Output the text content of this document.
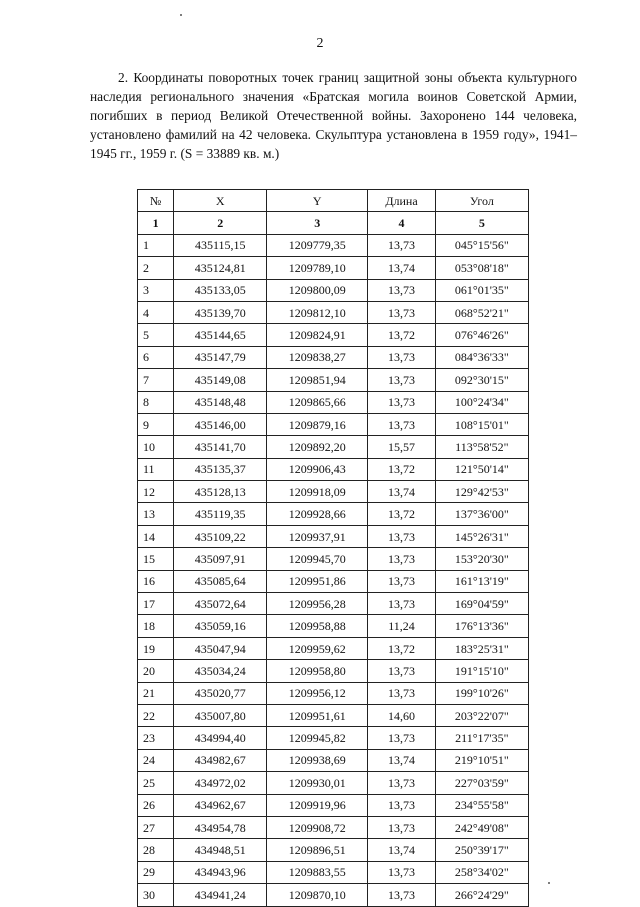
2

2. Координаты поворотных точек границ защитной зоны объекта культурного наследия регионального значения «Братская могила воинов Советской Армии, погибших в период Великой Отечественной войны. Захоронено 144 человека, установлено фамилий на 42 человека. Скульптура установлена в 1959 году», 1941–1945 гг., 1959 г. (S = 33889 кв. м.)

№	X	Y	Длина	Угол
1	2	3	4	5
1	435115,15	1209779,35	13,73	045°15'56"
2	435124,81	1209789,10	13,74	053°08'18"
3	435133,05	1209800,09	13,73	061°01'35"
4	435139,70	1209812,10	13,73	068°52'21"
5	435144,65	1209824,91	13,72	076°46'26"
6	435147,79	1209838,27	13,73	084°36'33"
7	435149,08	1209851,94	13,73	092°30'15"
8	435148,48	1209865,66	13,73	100°24'34"
9	435146,00	1209879,16	13,73	108°15'01"
10	435141,70	1209892,20	15,57	113°58'52"
11	435135,37	1209906,43	13,72	121°50'14"
12	435128,13	1209918,09	13,74	129°42'53"
13	435119,35	1209928,66	13,72	137°36'00"
14	435109,22	1209937,91	13,73	145°26'31"
15	435097,91	1209945,70	13,73	153°20'30"
16	435085,64	1209951,86	13,73	161°13'19"
17	435072,64	1209956,28	13,73	169°04'59"
18	435059,16	1209958,88	11,24	176°13'36"
19	435047,94	1209959,62	13,72	183°25'31"
20	435034,24	1209958,80	13,73	191°15'10"
21	435020,77	1209956,12	13,73	199°10'26"
22	435007,80	1209951,61	14,60	203°22'07"
23	434994,40	1209945,82	13,73	211°17'35"
24	434982,67	1209938,69	13,74	219°10'51"
25	434972,02	1209930,01	13,73	227°03'59"
26	434962,67	1209919,96	13,73	234°55'58"
27	434954,78	1209908,72	13,73	242°49'08"
28	434948,51	1209896,51	13,74	250°39'17"
29	434943,96	1209883,55	13,73	258°34'02"
30	434941,24	1209870,10	13,73	266°24'29"
